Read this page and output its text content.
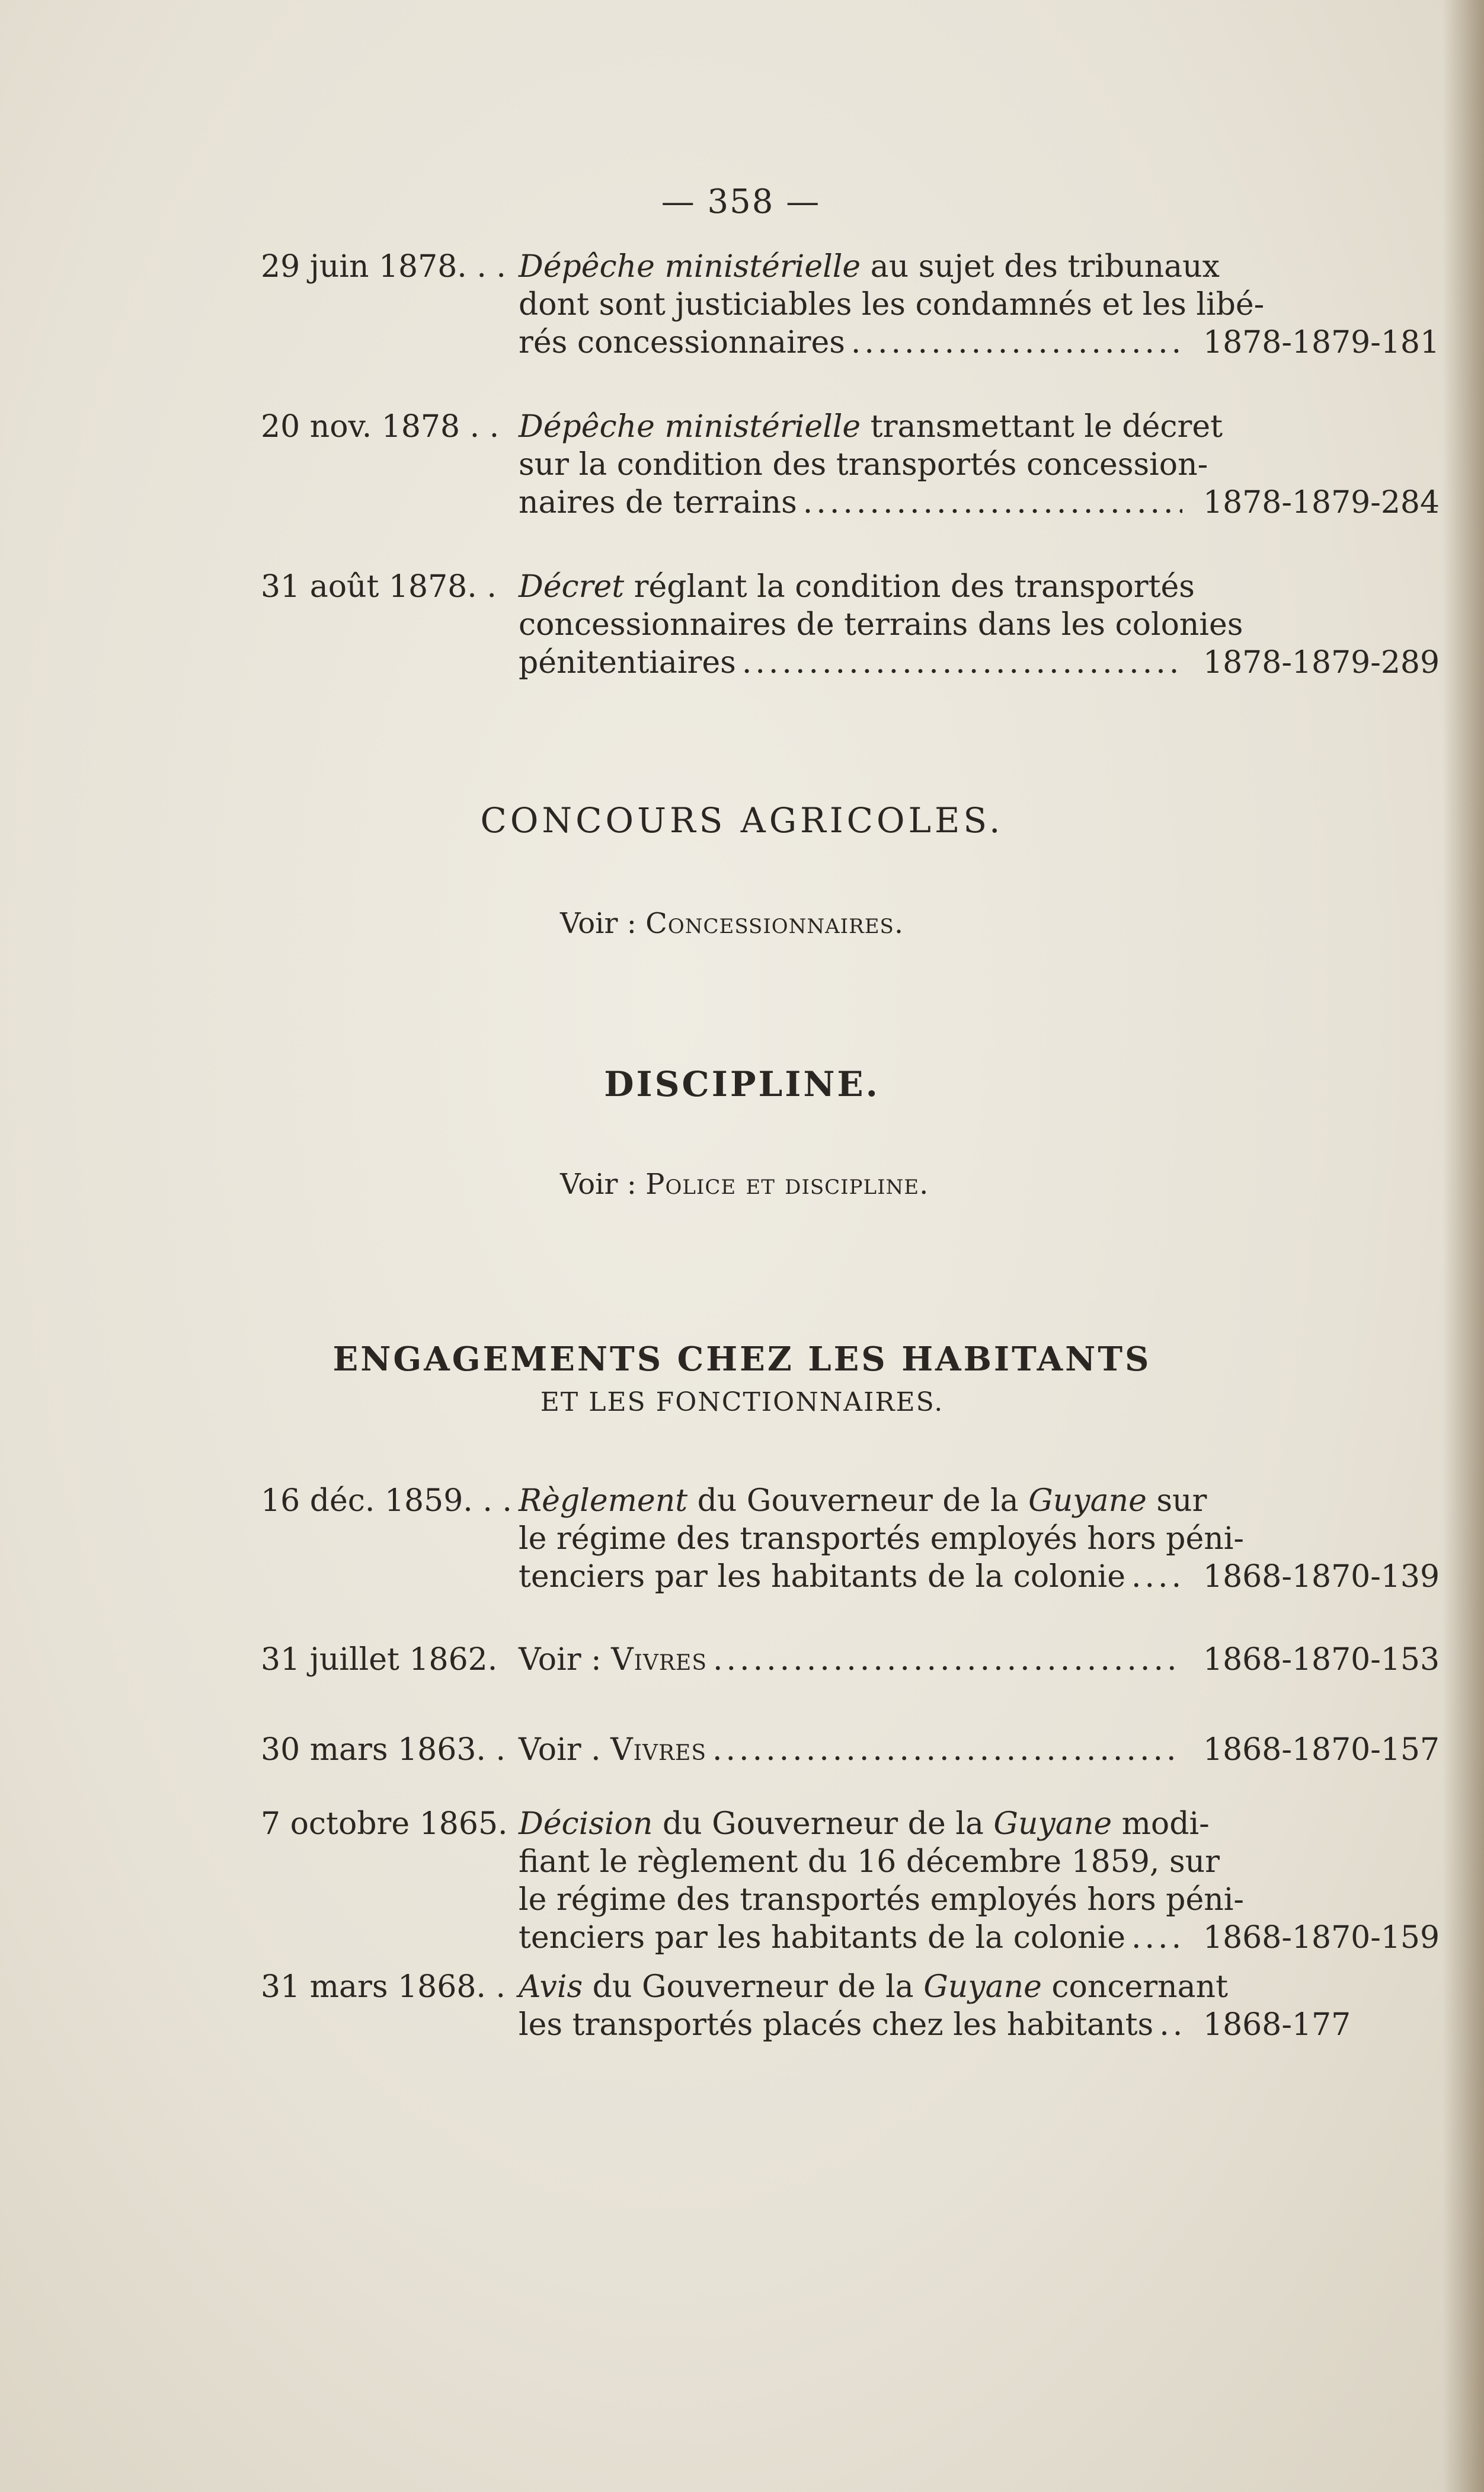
— 358 —
29 juin 1878. . . Dépêche ministérielle au sujet des tribunaux
dont sont justiciables les condamnés et les libé-
rés concessionnaires .....	1878-1879-181
20 nov. 1878 . . Dépêche ministérielle transmettant le décret
sur la condition des transportés concession-
naires de terrains .....	1878-1879-284
31 août 1878. . Décret réglant la condition des transportés
concessionnaires de terrains dans les colonies
pénitentiaires .....	1878-1879-289
CONCOURS AGRICOLES.
Voir : Concessionnaires.
DISCIPLINE.
Voir : Police et discipline.
ENGAGEMENTS CHEZ LES HABITANTS
ET LES FONCTIONNAIRES.
16 déc. 1859. . . Règlement du Gouverneur de la Guyane sur
le régime des transportés employés hors péni-
tenciers par les habitants de la colonie .....	1868-1870-139
31 juillet 1862. Voir : Vivres .....	1868-1870-153
30 mars 1863. . Voir . Vivres .....	1868-1870-157
7 octobre 1865. Décision du Gouverneur de la Guyane modi-
fiant le règlement du 16 décembre 1859, sur
le régime des transportés employés hors péni-
tenciers par les habitants de la colonie .....	1868-1870-159
31 mars 1868. . Avis du Gouverneur de la Guyane concernant
les transportés placés chez les habitants ..... 1868-177
